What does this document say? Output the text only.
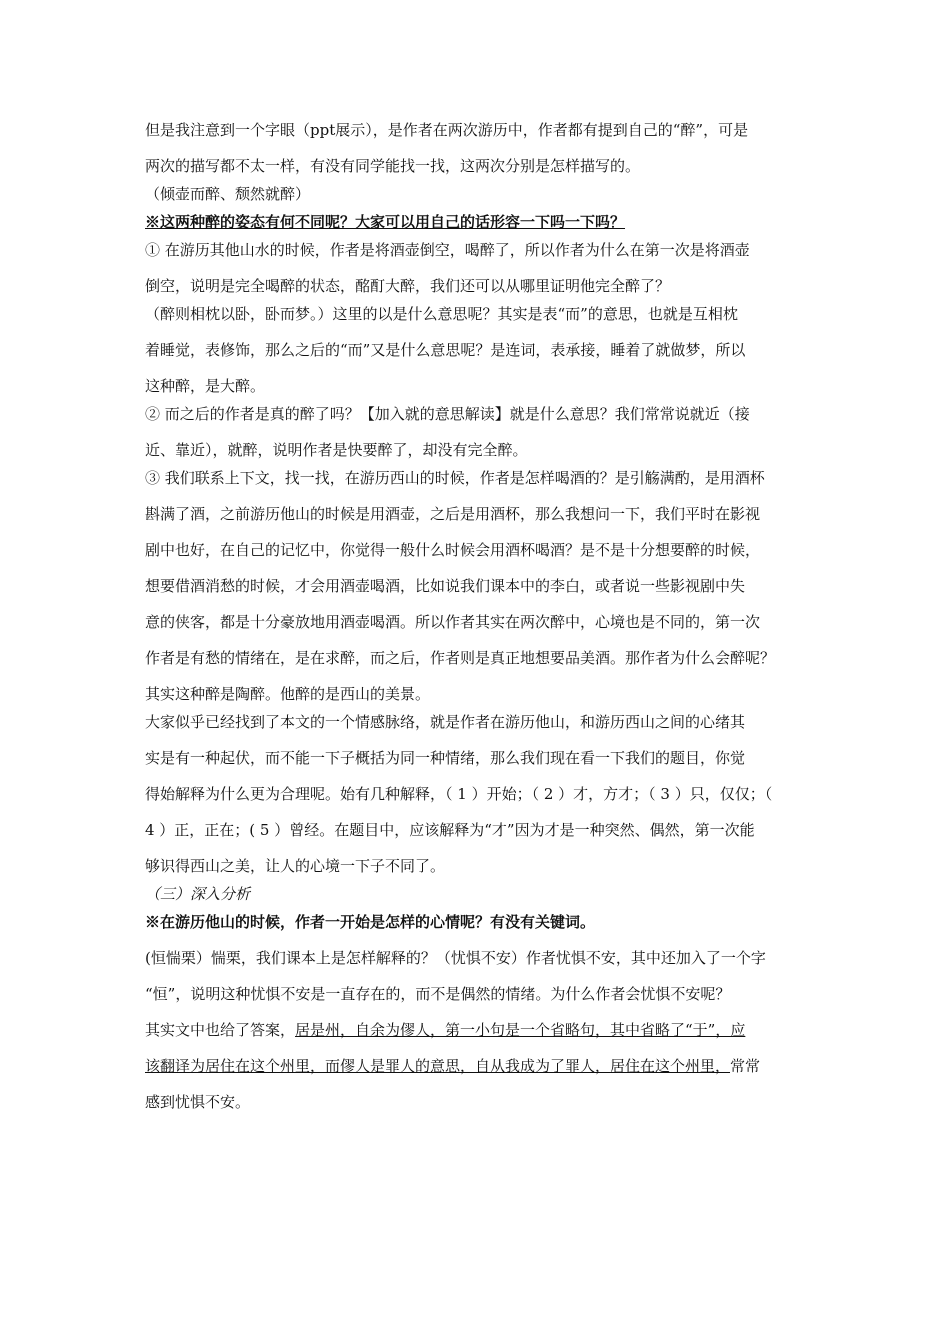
但是我注意到一个字眼（ppt展示），是作者在两次游历中，作者都有提到自己的“醉”，可是

两次的描写都不太一样，有没有同学能找一找，这两次分别是怎样描写的。

（倾壶而醉、颓然就醉）

※这两种醉的姿态有何不同呢？大家可以用自己的话形容一下吗一下吗？

① 在游历其他山水的时候，作者是将酒壶倒空，喝醉了，所以作者为什么在第一次是将酒壶

倒空，说明是完全喝醉的状态，酩酊大醉，我们还可以从哪里证明他完全醉了？

（醉则相枕以卧，卧而梦。）这里的以是什么意思呢？其实是表“而”的意思，也就是互相枕

着睡觉，表修饰，那么之后的“而”又是什么意思呢？是连词，表承接，睡着了就做梦，所以

这种醉，是大醉。

② 而之后的作者是真的醉了吗？【加入就的意思解读】就是什么意思？我们常常说就近（接

近、靠近），就醉，说明作者是快要醉了，却没有完全醉。

③ 我们联系上下文，找一找，在游历西山的时候，作者是怎样喝酒的？是引觞满酌，是用酒杯

斟满了酒，之前游历他山的时候是用酒壶，之后是用酒杯，那么我想问一下，我们平时在影视

剧中也好，在自己的记忆中，你觉得一般什么时候会用酒杯喝酒？是不是十分想要醉的时候，

想要借酒消愁的时候，才会用酒壶喝酒，比如说我们课本中的李白，或者说一些影视剧中失

意的侠客，都是十分豪放地用酒壶喝酒。所以作者其实在两次醉中，心境也是不同的，第一次

作者是有愁的情绪在，是在求醉，而之后，作者则是真正地想要品美酒。那作者为什么会醉呢？

其实这种醉是陶醉。他醉的是西山的美景。

大家似乎已经找到了本文的一个情感脉络，就是作者在游历他山，和游历西山之间的心绪其

实是有一种起伏，而不能一下子概括为同一种情绪，那么我们现在看一下我们的题目，你觉

得始解释为什么更为合理呢。始有几种解释，（ 1 ）开始；（ 2 ）才，方才；（ 3 ）只，仅仅；（

4 ）正，正在；( 5 ）曾经。在题目中，应该解释为“才”因为才是一种突然、偶然，第一次能

够识得西山之美，让人的心境一下子不同了。

（三）深入分析

※在游历他山的时候，作者一开始是怎样的心情呢？有没有关键词。

(恒惴栗）惴栗，我们课本上是怎样解释的？（忧惧不安）作者忧惧不安，其中还加入了一个字

“恒”，说明这种忧惧不安是一直存在的，而不是偶然的情绪。为什么作者会忧惧不安呢？

其实文中也给了答案，居是州，自余为僇人，第一小句是一个省略句，其中省略了“于”，应

该翻译为居住在这个州里，而僇人是罪人的意思，自从我成为了罪人，居住在这个州里，常常

感到忧惧不安。
